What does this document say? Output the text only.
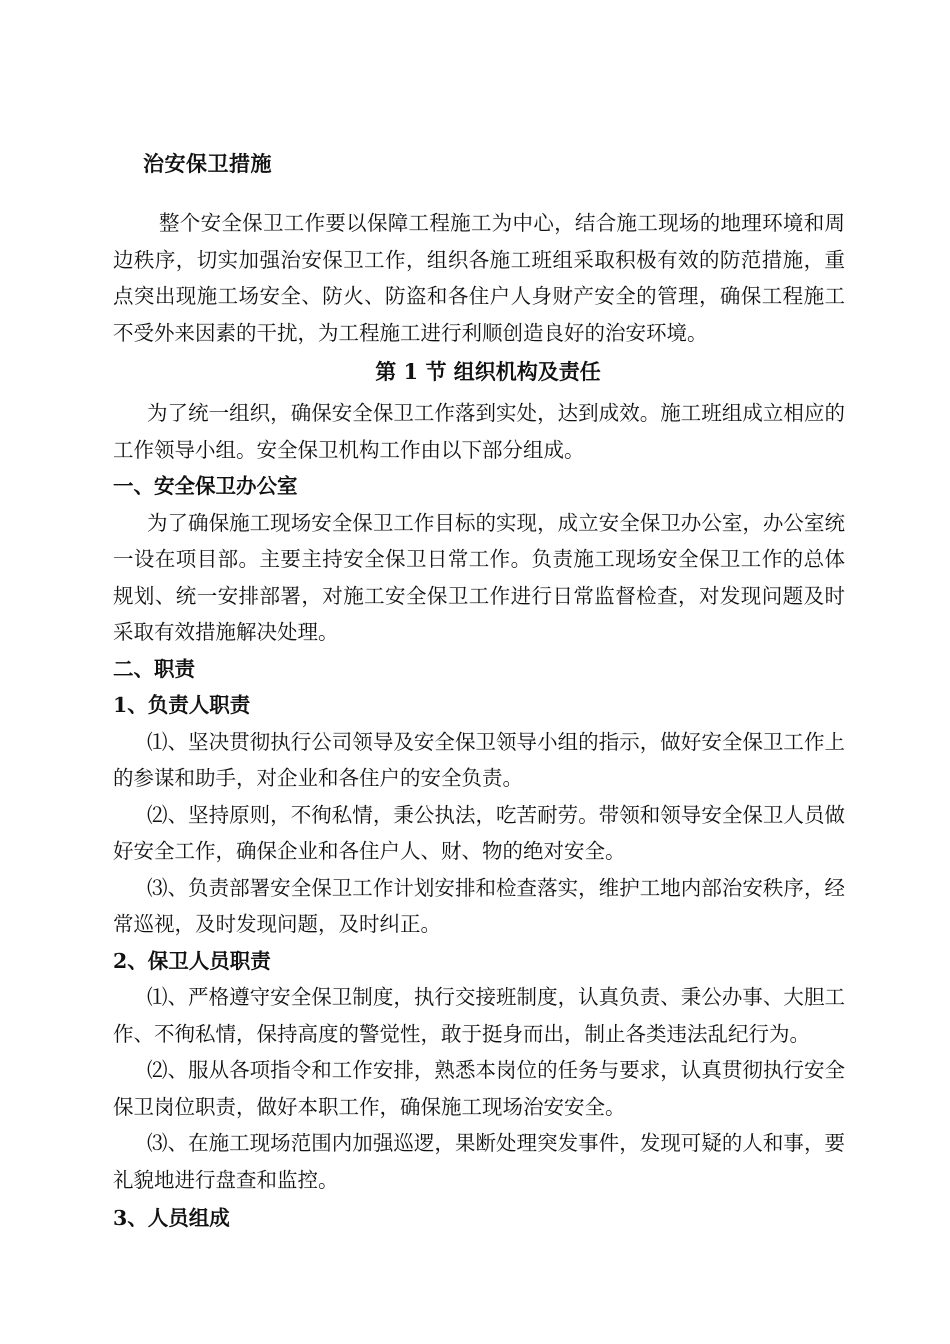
治安保卫措施

整个安全保卫工作要以保障工程施工为中心，结合施工现场的地理环境和周边秩序，切实加强治安保卫工作，组织各施工班组采取积极有效的防范措施，重点突出现施工场安全、防火、防盗和各住户人身财产安全的管理，确保工程施工不受外来因素的干扰，为工程施工进行利顺创造良好的治安环境。

第 1 节 组织机构及责任

为了统一组织，确保安全保卫工作落到实处，达到成效。施工班组成立相应的工作领导小组。安全保卫机构工作由以下部分组成。

一、安全保卫办公室

为了确保施工现场安全保卫工作目标的实现，成立安全保卫办公室，办公室统一设在项目部。主要主持安全保卫日常工作。负责施工现场安全保卫工作的总体规划、统一安排部署，对施工安全保卫工作进行日常监督检查，对发现问题及时采取有效措施解决处理。

二、职责

1、负责人职责

⑴、坚决贯彻执行公司领导及安全保卫领导小组的指示，做好安全保卫工作上的参谋和助手，对企业和各住户的安全负责。

⑵、坚持原则，不徇私情，秉公执法，吃苦耐劳。带领和领导安全保卫人员做好安全工作，确保企业和各住户人、财、物的绝对安全。

⑶、负责部署安全保卫工作计划安排和检查落实，维护工地内部治安秩序，经常巡视，及时发现问题，及时纠正。

2、保卫人员职责

⑴、严格遵守安全保卫制度，执行交接班制度，认真负责、秉公办事、大胆工作、不徇私情，保持高度的警觉性，敢于挺身而出，制止各类违法乱纪行为。

⑵、服从各项指令和工作安排，熟悉本岗位的任务与要求，认真贯彻执行安全保卫岗位职责，做好本职工作，确保施工现场治安安全。

⑶、在施工现场范围内加强巡逻，果断处理突发事件，发现可疑的人和事，要礼貌地进行盘查和监控。

3、人员组成
